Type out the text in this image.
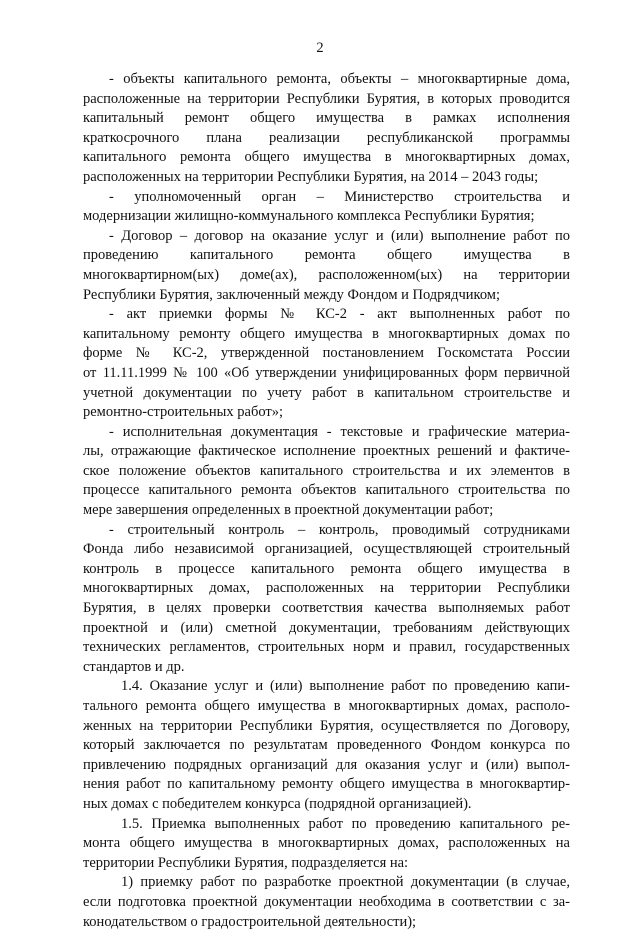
2
- объекты капитального ремонта, объекты – многоквартирные дома,
расположенные на территории Республики Бурятия, в которых проводится
капитальный ремонт общего имущества в рамках исполнения
краткосрочного плана реализации республиканской программы
капитального ремонта общего имущества в многоквартирных домах,
расположенных на территории Республики Бурятия, на 2014 – 2043 годы;
- уполномоченный орган – Министерство строительства и
модернизации жилищно-коммунального комплекса Республики Бурятия;
- Договор – договор на оказание услуг и (или) выполнение работ по
проведению капитального ремонта общего имущества в
многоквартирном(ых) доме(ах), расположенном(ых) на территории
Республики Бурятия, заключенный между Фондом и Подрядчиком;
- акт приемки формы № КС-2 - акт выполненных работ по
капитальному ремонту общего имущества в многоквартирных домах по
форме № КС-2, утвержденной постановлением Госкомстата России
от 11.11.1999 № 100 «Об утверждении унифицированных форм первичной
учетной документации по учету работ в капитальном строительстве и
ремонтно-строительных работ»;
- исполнительная документация - текстовые и графические материа-
лы, отражающие фактическое исполнение проектных решений и фактиче-
ское положение объектов капитального строительства и их элементов в
процессе капитального ремонта объектов капитального строительства по
мере завершения определенных в проектной документации работ;
- строительный контроль – контроль, проводимый сотрудниками
Фонда либо независимой организацией, осуществляющей строительный
контроль в процессе капитального ремонта общего имущества в
многоквартирных домах, расположенных на территории Республики
Бурятия, в целях проверки соответствия качества выполняемых работ
проектной и (или) сметной документации, требованиям действующих
технических регламентов, строительных норм и правил, государственных
стандартов и др.
1.4. Оказание услуг и (или) выполнение работ по проведению капи-
тального ремонта общего имущества в многоквартирных домах, располо-
женных на территории Республики Бурятия, осуществляется по Договору,
который заключается по результатам проведенного Фондом конкурса по
привлечению подрядных организаций для оказания услуг и (или) выпол-
нения работ по капитальному ремонту общего имущества в многоквартир-
ных домах с победителем конкурса (подрядной организацией).
1.5. Приемка выполненных работ по проведению капитального ре-
монта общего имущества в многоквартирных домах, расположенных на
территории Республики Бурятия, подразделяется на:
1) приемку работ по разработке проектной документации (в случае,
если подготовка проектной документации необходима в соответствии с за-
конодательством о градостроительной деятельности);
